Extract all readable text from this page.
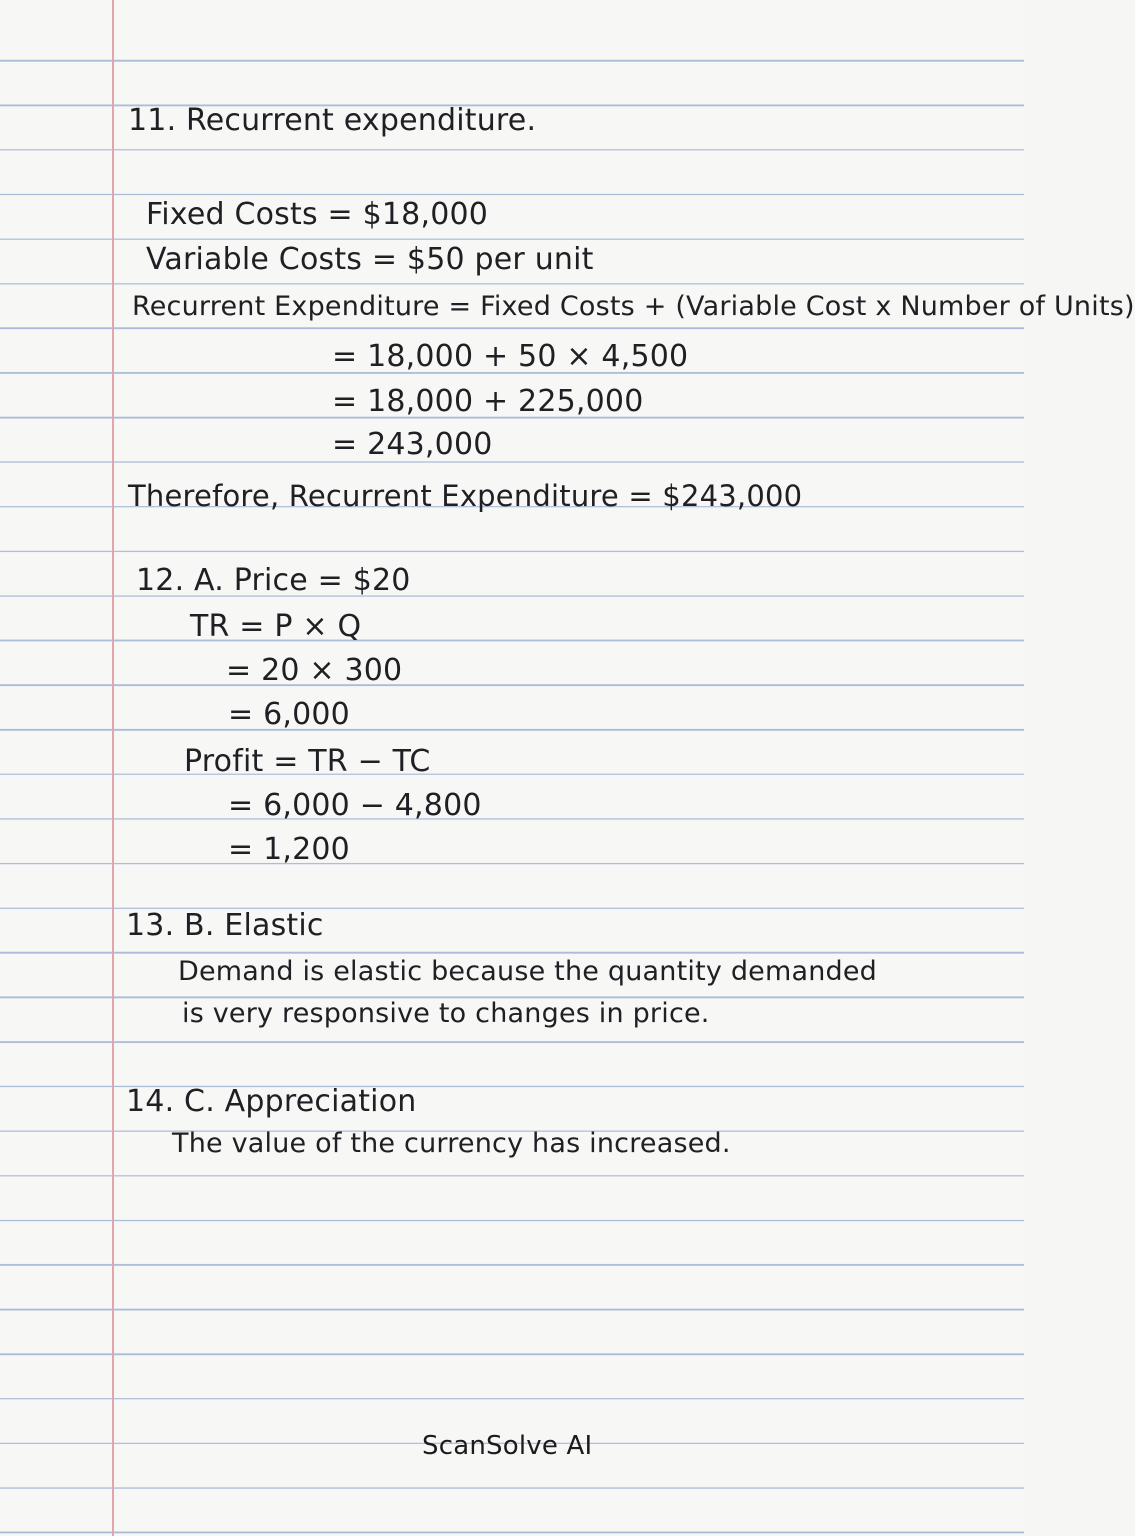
11. Recurrent expenditure.
Fixed Costs = $18,000
Variable Costs = $50 per unit
Recurrent Expenditure = Fixed Costs + (Variable Cost x Number of Units)
= 18,000 + 50 × 4,500
= 18,000 + 225,000
= 243,000
Therefore, Recurrent Expenditure = $243,000
12. A. Price = $20
TR = P × Q
= 20 × 300
= 6,000
Profit = TR − TC
= 6,000 − 4,800
= 1,200
13. B. Elastic
Demand is elastic because the quantity demanded
is very responsive to changes in price.
14. C. Appreciation
The value of the currency has increased.
ScanSolve AI
